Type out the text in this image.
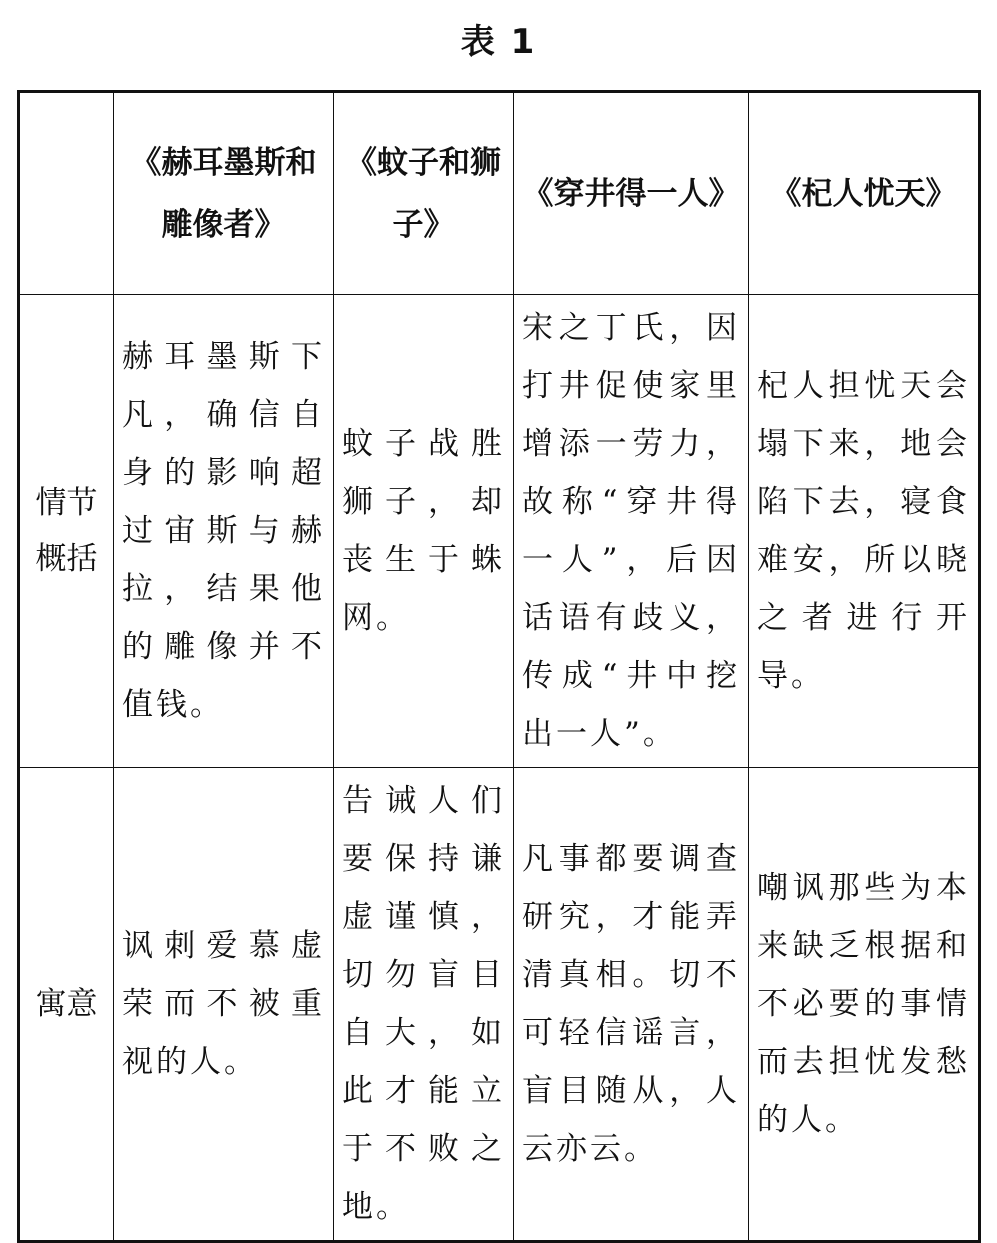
表 1
	《赫耳墨斯和雕像者》	《蚊子和狮子》	《穿井得一人》	《杞人忧天》
情节概括	赫耳墨斯下凡，确信自身的影响超过宙斯与赫拉，结果他的雕像并不值钱。	蚊子战胜狮子，却丧生于蛛网。	宋之丁氏，因打井促使家里增添一劳力，故称“穿井得一人”，后因话语有歧义，传成“井中挖出一人”。	杞人担忧天会塌下来，地会陷下去，寝食难安，所以晓之者进行开导。
寓意	讽刺爱慕虚荣而不被重视的人。	告诫人们要保持谦虚谨慎，切勿盲目自大，如此才能立于不败之地。	凡事都要调查研究，才能弄清真相。切不可轻信谣言，盲目随从，人云亦云。	嘲讽那些为本来缺乏根据和不必要的事情而去担忧发愁的人。
